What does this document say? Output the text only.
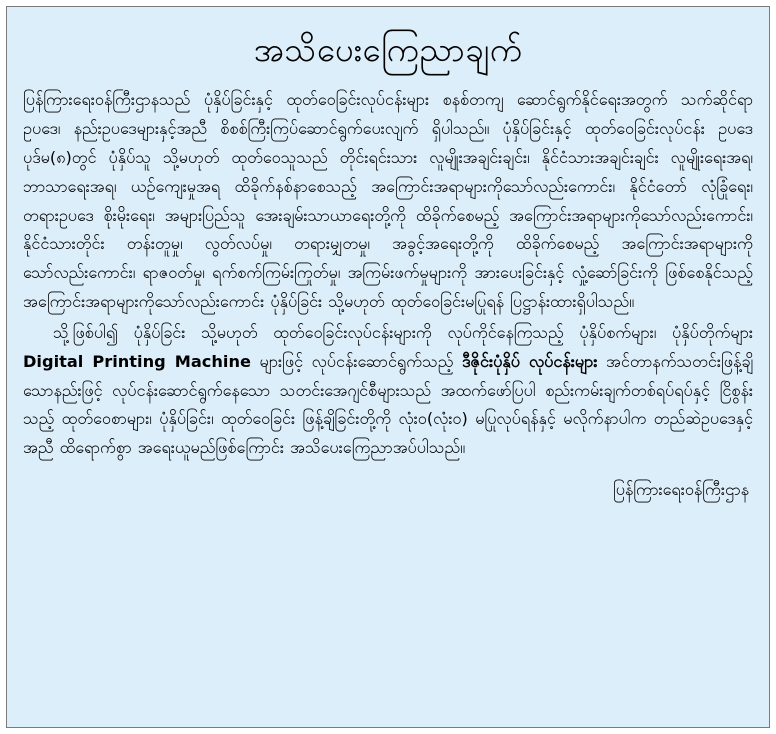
အသိပေးကြေညာချက်

ပြန်ကြားရေးဝန်ကြီးဌာနသည် ပုံနှိပ်ခြင်းနှင့် ထုတ်ဝေခြင်းလုပ်ငန်းများ စနစ်တကျ ဆောင်ရွက်နိုင်ရေးအတွက် သက်ဆိုင်ရာ ဥပဒေ၊ နည်းဥပဒေများနှင့်အညီ စိစစ်ကြီးကြပ်ဆောင်ရွက်ပေးလျက် ရှိပါသည်။ ပုံနှိပ်ခြင်းနှင့် ထုတ်ဝေခြင်းလုပ်ငန်း ဥပဒေပုဒ်မ(၈)တွင် ပုံနှိပ်သူ သို့မဟုတ် ထုတ်ဝေသူသည် တိုင်းရင်းသား လူမျိုးအချင်းချင်း၊ နိုင်ငံသားအချင်းချင်း လူမျိုးရေးအရ၊ ဘာသာရေးအရ၊ ယဉ်ကျေးမှုအရ ထိခိုက်နစ်နာစေသည့် အကြောင်းအရာများကိုသော်လည်းကောင်း၊ နိုင်ငံတော် လုံခြုံရေး၊ တရားဥပဒေ စိုးမိုးရေး၊ အများပြည်သူ အေးချမ်းသာယာရေးတို့ကို ထိခိုက်စေမည့် အကြောင်းအရာများကိုသော်လည်းကောင်း၊ နိုင်ငံသားတိုင်း တန်းတူမှု၊ လွတ်လပ်မှု၊ တရားမျှတမှု၊ အခွင့်အရေးတို့ကို ထိခိုက်စေမည့် အကြောင်းအရာများကိုသော်လည်းကောင်း၊ ရာဇဝတ်မှု၊ ရက်စက်ကြမ်းကြုတ်မှု၊ အကြမ်းဖက်မှုများကို အားပေးခြင်းနှင့် လှုံ့ဆော်ခြင်းကို ဖြစ်စေနိုင်သည့် အကြောင်းအရာများကိုသော်လည်းကောင်း ပုံနှိပ်ခြင်း သို့မဟုတ် ထုတ်ဝေခြင်းမပြုရန် ပြဋ္ဌာန်းထားရှိပါသည်။

သို့ဖြစ်ပါ၍ ပုံနှိပ်ခြင်း သို့မဟုတ် ထုတ်ဝေခြင်းလုပ်ငန်းများကို လုပ်ကိုင်နေကြသည့် ပုံနှိပ်စက်များ၊ ပုံနှိပ်တိုက်များ Digital Printing Machine များဖြင့် လုပ်ငန်းဆောင်ရွက်သည့် ဒီဇိုင်းပုံနှိပ် လုပ်ငန်းများ အင်တာနက်သတင်းဖြန့်ချိသောနည်းဖြင့် လုပ်ငန်းဆောင်ရွက်နေသော သတင်းအေဂျင်စီများသည် အထက်ဖော်ပြပါ စည်းကမ်းချက်တစ်ရပ်ရပ်နှင့် ငြိစွန်းသည့် ထုတ်ဝေစာများ၊ ပုံနှိပ်ခြင်း၊ ထုတ်ဝေခြင်း ဖြန့်ချိခြင်းတို့ကို လုံးဝ(လုံးဝ) မပြုလုပ်ရန်နှင့် မလိုက်နာပါက တည်ဆဲဥပဒေနှင့်အညီ ထိရောက်စွာ အရေးယူမည်ဖြစ်ကြောင်း အသိပေးကြေညာအပ်ပါသည်။

ပြန်ကြားရေးဝန်ကြီးဌာန
